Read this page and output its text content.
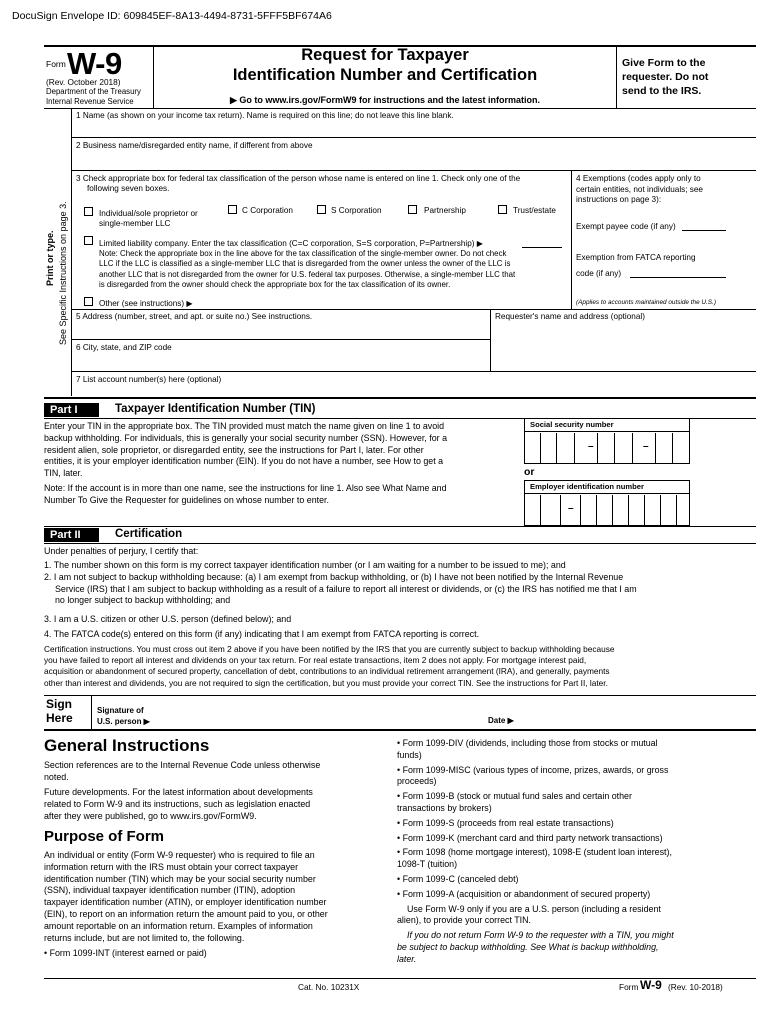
DocuSign Envelope ID: 609845EF-8A13-4494-8731-5FFF5BF674A6
Form W-9
(Rev. October 2018)
Department of the Treasury
Internal Revenue Service
Request for Taxpayer
Identification Number and Certification
▶ Go to www.irs.gov/FormW9 for instructions and the latest information.
Give Form to the
requester. Do not
send to the IRS.
Print or type. See Specific Instructions on page 3.
1 Name (as shown on your income tax return). Name is required on this line; do not leave this line blank.
2 Business name/disregarded entity name, if different from above
3 Check appropriate box for federal tax classification of the person whose name is entered on line 1. Check only one of the
following seven boxes.
Individual/sole proprietor or
single-member LLC
C Corporation	S Corporation	Partnership	Trust/estate
Limited liability company. Enter the tax classification (C=C corporation, S=S corporation, P=Partnership) ▶
Note: Check the appropriate box in the line above for the tax classification of the single-member owner. Do not check
LLC if the LLC is classified as a single-member LLC that is disregarded from the owner unless the owner of the LLC is
another LLC that is not disregarded from the owner for U.S. federal tax purposes. Otherwise, a single-member LLC that
is disregarded from the owner should check the appropriate box for the tax classification of its owner.
Other (see instructions) ▶
4 Exemptions (codes apply only to
certain entities, not individuals; see
instructions on page 3):
Exempt payee code (if any)
Exemption from FATCA reporting
code (if any)
(Applies to accounts maintained outside the U.S.)
5 Address (number, street, and apt. or suite no.) See instructions.	Requester's name and address (optional)
6 City, state, and ZIP code
7 List account number(s) here (optional)
Part I	Taxpayer Identification Number (TIN)
Enter your TIN in the appropriate box. The TIN provided must match the name given on line 1 to avoid
backup withholding. For individuals, this is generally your social security number (SSN). However, for a
resident alien, sole proprietor, or disregarded entity, see the instructions for Part I, later. For other
entities, it is your employer identification number (EIN). If you do not have a number, see How to get a
TIN, later.
Note: If the account is in more than one name, see the instructions for line 1. Also see What Name and
Number To Give the Requester for guidelines on whose number to enter.
Social security number
–	–
or
Employer identification number
–
Part II	Certification
Under penalties of perjury, I certify that:
1. The number shown on this form is my correct taxpayer identification number (or I am waiting for a number to be issued to me); and
2. I am not subject to backup withholding because: (a) I am exempt from backup withholding, or (b) I have not been notified by the Internal Revenue
Service (IRS) that I am subject to backup withholding as a result of a failure to report all interest or dividends, or (c) the IRS has notified me that I am
no longer subject to backup withholding; and
3. I am a U.S. citizen or other U.S. person (defined below); and
4. The FATCA code(s) entered on this form (if any) indicating that I am exempt from FATCA reporting is correct.
Certification instructions. You must cross out item 2 above if you have been notified by the IRS that you are currently subject to backup withholding because
you have failed to report all interest and dividends on your tax return. For real estate transactions, item 2 does not apply. For mortgage interest paid,
acquisition or abandonment of secured property, cancellation of debt, contributions to an individual retirement arrangement (IRA), and generally, payments
other than interest and dividends, you are not required to sign the certification, but you must provide your correct TIN. See the instructions for Part II, later.
Sign
Here	Signature of
U.S. person ▶	Date ▶
General Instructions
Section references are to the Internal Revenue Code unless otherwise
noted.
Future developments. For the latest information about developments
related to Form W-9 and its instructions, such as legislation enacted
after they were published, go to www.irs.gov/FormW9.
Purpose of Form
An individual or entity (Form W-9 requester) who is required to file an
information return with the IRS must obtain your correct taxpayer
identification number (TIN) which may be your social security number
(SSN), individual taxpayer identification number (ITIN), adoption
taxpayer identification number (ATIN), or employer identification number
(EIN), to report on an information return the amount paid to you, or other
amount reportable on an information return. Examples of information
returns include, but are not limited to, the following.
• Form 1099-INT (interest earned or paid)
• Form 1099-DIV (dividends, including those from stocks or mutual
funds)
• Form 1099-MISC (various types of income, prizes, awards, or gross
proceeds)
• Form 1099-B (stock or mutual fund sales and certain other
transactions by brokers)
• Form 1099-S (proceeds from real estate transactions)
• Form 1099-K (merchant card and third party network transactions)
• Form 1098 (home mortgage interest), 1098-E (student loan interest),
1098-T (tuition)
• Form 1099-C (canceled debt)
• Form 1099-A (acquisition or abandonment of secured property)
Use Form W-9 only if you are a U.S. person (including a resident
alien), to provide your correct TIN.
If you do not return Form W-9 to the requester with a TIN, you might
be subject to backup withholding. See What is backup withholding,
later.
Cat. No. 10231X	Form W-9 (Rev. 10-2018)
